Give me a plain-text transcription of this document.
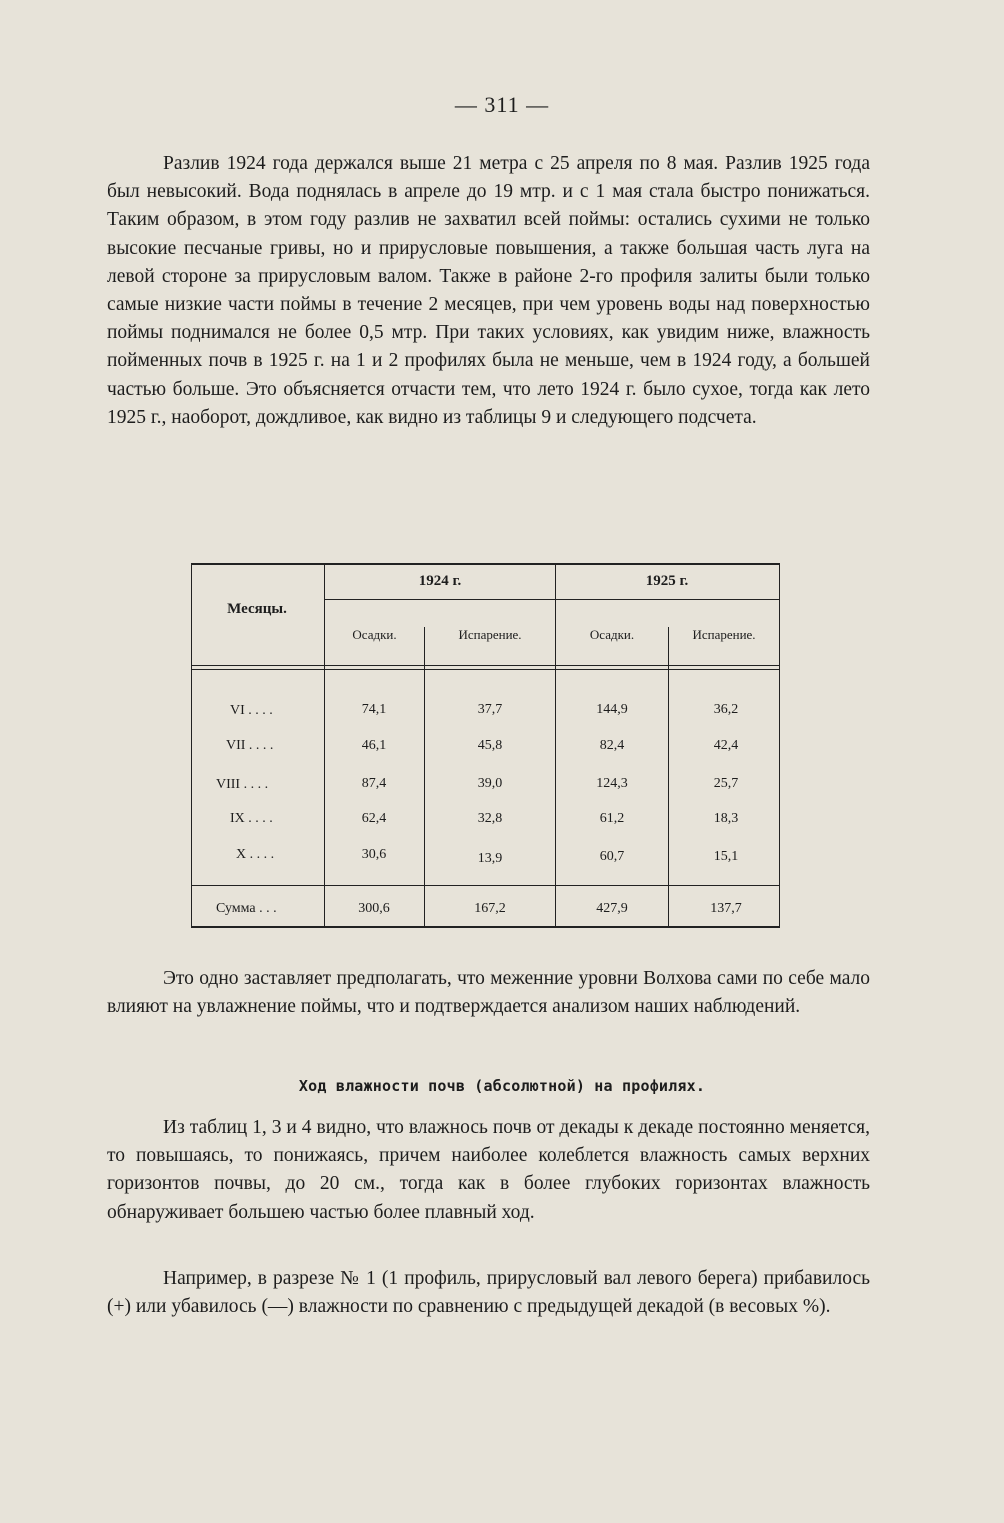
— 311 —

Разлив 1924 года держался выше 21 метра с 25 апреля по 8 мая. Разлив 1925 года был невысокий. Вода поднялась в апреле до 19 мтр. и с 1 мая стала быстро понижаться. Таким образом, в этом году разлив не захватил всей поймы: остались сухими не только высокие песчаные гривы, но и прирусловые повышения, а также большая часть луга на левой стороне за прирусловым валом. Также в районе 2-го профиля залиты были только самые низкие части поймы в течение 2 месяцев, при чем уровень воды над поверхностью поймы поднимался не более 0,5 мтр. При таких условиях, как увидим ниже, влажность пойменных почв в 1925 г. на 1 и 2 профилях была не меньше, чем в 1924 году, а большей частью больше. Это объясняется отчасти тем, что лето 1924 г. было сухое, тогда как лето 1925 г., наоборот, дождливое, как видно из таблицы 9 и следующего подсчета.

Месяцы.
1924 г.	1925 г.
Осадки.	Испарение.	Осадки.	Испарение.
VI . . . .	74,1	37,7	144,9	36,2
VII . . . .	46,1	45,8	82,4	42,4
VIII . . . .	87,4	39,0	124,3	25,7
IX . . . .	62,4	32,8	61,2	18,3
X . . . .	30,6	13,9	60,7	15,1
Сумма . . .	300,6	167,2	427,9	137,7

Это одно заставляет предполагать, что меженние уровни Волхова сами по себе мало влияют на увлажнение поймы, что и подтверждается анализом наших наблюдений.

Ход влажности почв (абсолютной) на профилях.

Из таблиц 1, 3 и 4 видно, что влажнось почв от декады к декаде постоянно меняется, то повышаясь, то понижаясь, причем наиболее колеблется влажность самых верхних горизонтов почвы, до 20 см., тогда как в более глубоких горизонтах влажность обнаруживает большею частью более плавный ход.

Например, в разрезе № 1 (1 профиль, прирусловый вал левого берега) прибавилось (+) или убавилось (—) влажности по сравнению с предыдущей декадой (в весовых %).
